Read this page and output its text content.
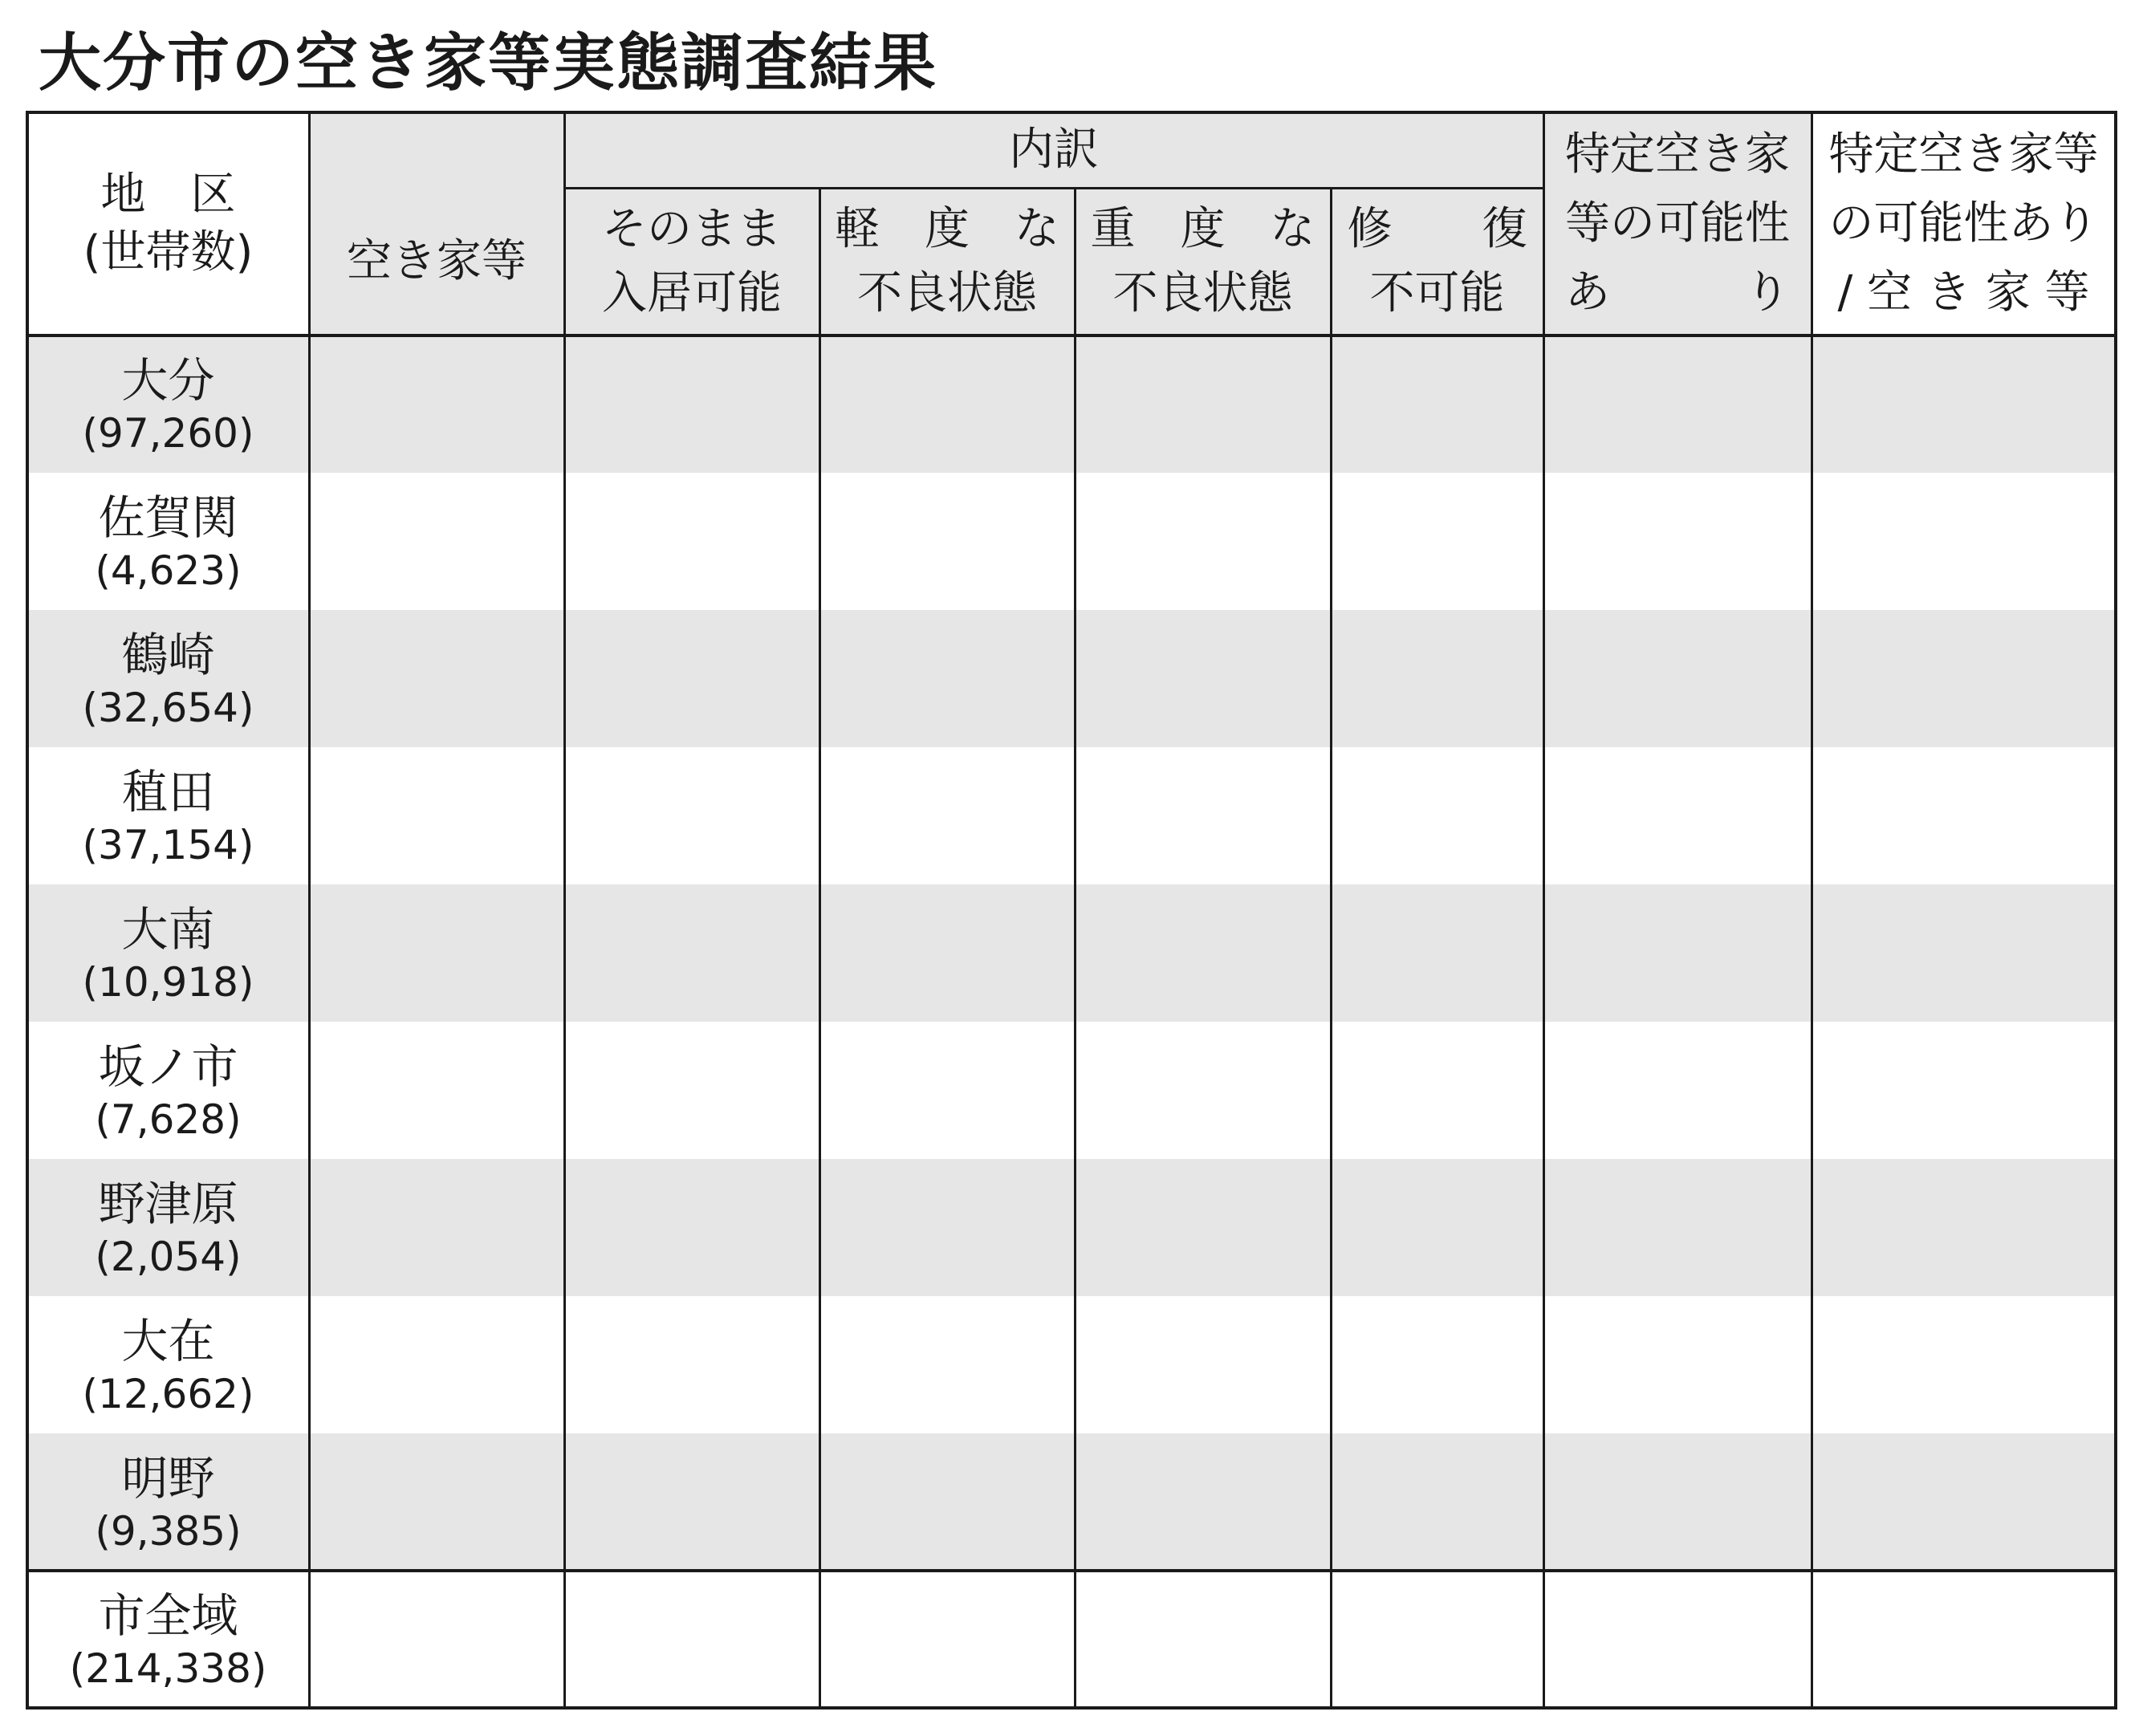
大分市の空き家等実態調査結果
地　区
(世帯数)
内訳
空き家等
そのまま
入居可能
軽　度　な
不良状態
重　度　な
不良状態
修　　復
不可能
特定空き家
等の可能性
あ　　　り
特定空き家等
の可能性あり
/ 空 き 家 等
大分
(97,260)
佐賀関
(4,623)
鶴崎
(32,654)
稙田
(37,154)
大南
(10,918)
坂ノ市
(7,628)
野津原
(2,054)
大在
(12,662)
明野
(9,385)
市全域
(214,338)
